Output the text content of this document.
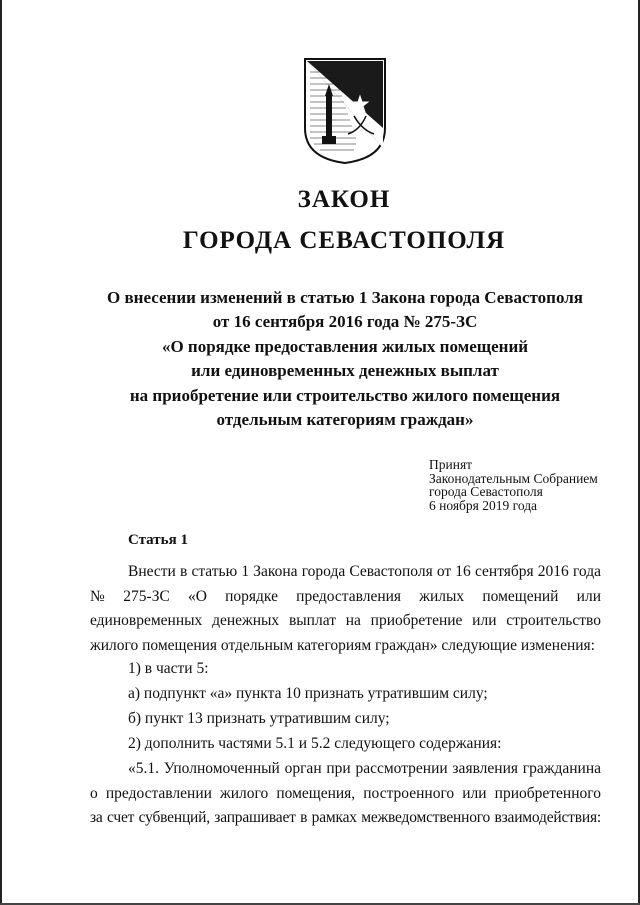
ЗАКОН
ГОРОДА СЕВАСТОПОЛЯ
О внесении изменений в статью 1 Закона города Севастополя
от 16 сентября 2016 года № 275-ЗС
«О порядке предоставления жилых помещений
или единовременных денежных выплат
на приобретение или строительство жилого помещения
отдельным категориям граждан»
Принят
Законодательным Собранием
города Севастополя
6 ноября 2019 года
Статья 1
Внести в статью 1 Закона города Севастополя от 16 сентября 2016 года
№ 275-ЗС «О порядке предоставления жилых помещений или
единовременных денежных выплат на приобретение или строительство
жилого помещения отдельным категориям граждан» следующие изменения:
1) в части 5:
а) подпункт «а» пункта 10 признать утратившим силу;
б) пункт 13 признать утратившим силу;
2) дополнить частями 5.1 и 5.2 следующего содержания:
«5.1. Уполномоченный орган при рассмотрении заявления гражданина
о предоставлении жилого помещения, построенного или приобретенного
за счет субвенций, запрашивает в рамках межведомственного взаимодействия:
